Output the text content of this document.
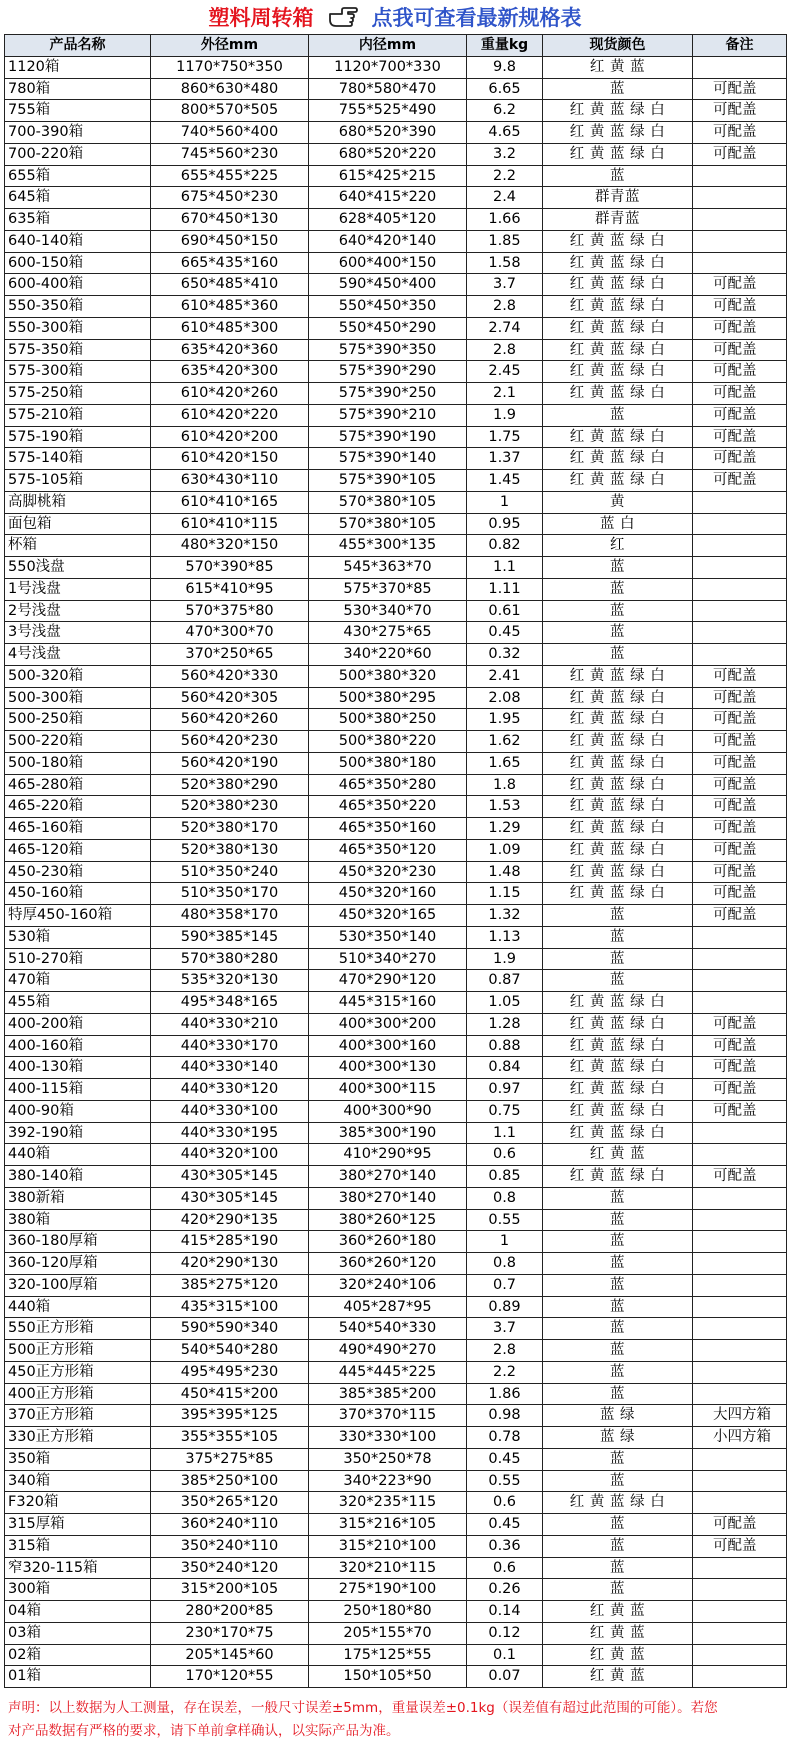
塑料周转箱	点我可查看最新规格表
产品名称	外径mm	内径mm	重量kg	现货颜色	备注
1120箱	1170*750*350	1120*700*330	9.8	红 黄 蓝	
780箱	860*630*480	780*580*470	6.65	蓝	可配盖
755箱	800*570*505	755*525*490	6.2	红 黄 蓝 绿 白	可配盖
700-390箱	740*560*400	680*520*390	4.65	红 黄 蓝 绿 白	可配盖
700-220箱	745*560*230	680*520*220	3.2	红 黄 蓝 绿 白	可配盖
655箱	655*455*225	615*425*215	2.2	蓝	
645箱	675*450*230	640*415*220	2.4	群青蓝	
635箱	670*450*130	628*405*120	1.66	群青蓝	
640-140箱	690*450*150	640*420*140	1.85	红 黄 蓝 绿 白	
600-150箱	665*435*160	600*400*150	1.58	红 黄 蓝 绿 白	
600-400箱	650*485*410	590*450*400	3.7	红 黄 蓝 绿 白	可配盖
550-350箱	610*485*360	550*450*350	2.8	红 黄 蓝 绿 白	可配盖
550-300箱	610*485*300	550*450*290	2.74	红 黄 蓝 绿 白	可配盖
575-350箱	635*420*360	575*390*350	2.8	红 黄 蓝 绿 白	可配盖
575-300箱	635*420*300	575*390*290	2.45	红 黄 蓝 绿 白	可配盖
575-250箱	610*420*260	575*390*250	2.1	红 黄 蓝 绿 白	可配盖
575-210箱	610*420*220	575*390*210	1.9	蓝	可配盖
575-190箱	610*420*200	575*390*190	1.75	红 黄 蓝 绿 白	可配盖
575-140箱	610*420*150	575*390*140	1.37	红 黄 蓝 绿 白	可配盖
575-105箱	630*430*110	575*390*105	1.45	红 黄 蓝 绿 白	可配盖
高脚桃箱	610*410*165	570*380*105	1	黄	
面包箱	610*410*115	570*380*105	0.95	蓝 白	
杯箱	480*320*150	455*300*135	0.82	红	
550浅盘	570*390*85	545*363*70	1.1	蓝	
1号浅盘	615*410*95	575*370*85	1.11	蓝	
2号浅盘	570*375*80	530*340*70	0.61	蓝	
3号浅盘	470*300*70	430*275*65	0.45	蓝	
4号浅盘	370*250*65	340*220*60	0.32	蓝	
500-320箱	560*420*330	500*380*320	2.41	红 黄 蓝 绿 白	可配盖
500-300箱	560*420*305	500*380*295	2.08	红 黄 蓝 绿 白	可配盖
500-250箱	560*420*260	500*380*250	1.95	红 黄 蓝 绿 白	可配盖
500-220箱	560*420*230	500*380*220	1.62	红 黄 蓝 绿 白	可配盖
500-180箱	560*420*190	500*380*180	1.65	红 黄 蓝 绿 白	可配盖
465-280箱	520*380*290	465*350*280	1.8	红 黄 蓝 绿 白	可配盖
465-220箱	520*380*230	465*350*220	1.53	红 黄 蓝 绿 白	可配盖
465-160箱	520*380*170	465*350*160	1.29	红 黄 蓝 绿 白	可配盖
465-120箱	520*380*130	465*350*120	1.09	红 黄 蓝 绿 白	可配盖
450-230箱	510*350*240	450*320*230	1.48	红 黄 蓝 绿 白	可配盖
450-160箱	510*350*170	450*320*160	1.15	红 黄 蓝 绿 白	可配盖
特厚450-160箱	480*358*170	450*320*165	1.32	蓝	可配盖
530箱	590*385*145	530*350*140	1.13	蓝	
510-270箱	570*380*280	510*340*270	1.9	蓝	
470箱	535*320*130	470*290*120	0.87	蓝	
455箱	495*348*165	445*315*160	1.05	红 黄 蓝 绿 白	
400-200箱	440*330*210	400*300*200	1.28	红 黄 蓝 绿 白	可配盖
400-160箱	440*330*170	400*300*160	0.88	红 黄 蓝 绿 白	可配盖
400-130箱	440*330*140	400*300*130	0.84	红 黄 蓝 绿 白	可配盖
400-115箱	440*330*120	400*300*115	0.97	红 黄 蓝 绿 白	可配盖
400-90箱	440*330*100	400*300*90	0.75	红 黄 蓝 绿 白	可配盖
392-190箱	440*330*195	385*300*190	1.1	红 黄 蓝 绿 白	
440箱	440*320*100	410*290*95	0.6	红 黄 蓝	
380-140箱	430*305*145	380*270*140	0.85	红 黄 蓝 绿 白	可配盖
380新箱	430*305*145	380*270*140	0.8	蓝	
380箱	420*290*135	380*260*125	0.55	蓝	
360-180厚箱	415*285*190	360*260*180	1	蓝	
360-120厚箱	420*290*130	360*260*120	0.8	蓝	
320-100厚箱	385*275*120	320*240*106	0.7	蓝	
440箱	435*315*100	405*287*95	0.89	蓝	
550正方形箱	590*590*340	540*540*330	3.7	蓝	
500正方形箱	540*540*280	490*490*270	2.8	蓝	
450正方形箱	495*495*230	445*445*225	2.2	蓝	
400正方形箱	450*415*200	385*385*200	1.86	蓝	
370正方形箱	395*395*125	370*370*115	0.98	蓝 绿	大四方箱
330正方形箱	355*355*105	330*330*100	0.78	蓝 绿	小四方箱
350箱	375*275*85	350*250*78	0.45	蓝	
340箱	385*250*100	340*223*90	0.55	蓝	
F320箱	350*265*120	320*235*115	0.6	红 黄 蓝 绿 白	
315厚箱	360*240*110	315*216*105	0.45	蓝	可配盖
315箱	350*240*110	315*210*100	0.36	蓝	可配盖
窄320-115箱	350*240*120	320*210*115	0.6	蓝	
300箱	315*200*105	275*190*100	0.26	蓝	
04箱	280*200*85	250*180*80	0.14	红 黄 蓝	
03箱	230*170*75	205*155*70	0.12	红 黄 蓝	
02箱	205*145*60	175*125*55	0.1	红 黄 蓝	
01箱	170*120*55	150*105*50	0.07	红 黄 蓝	
声明：以上数据为人工测量，存在误差，一般尺寸误差±5mm，重量误差±0.1kg（误差值有超过此范围的可能）。若您
对产品数据有严格的要求，请下单前拿样确认，以实际产品为准。
